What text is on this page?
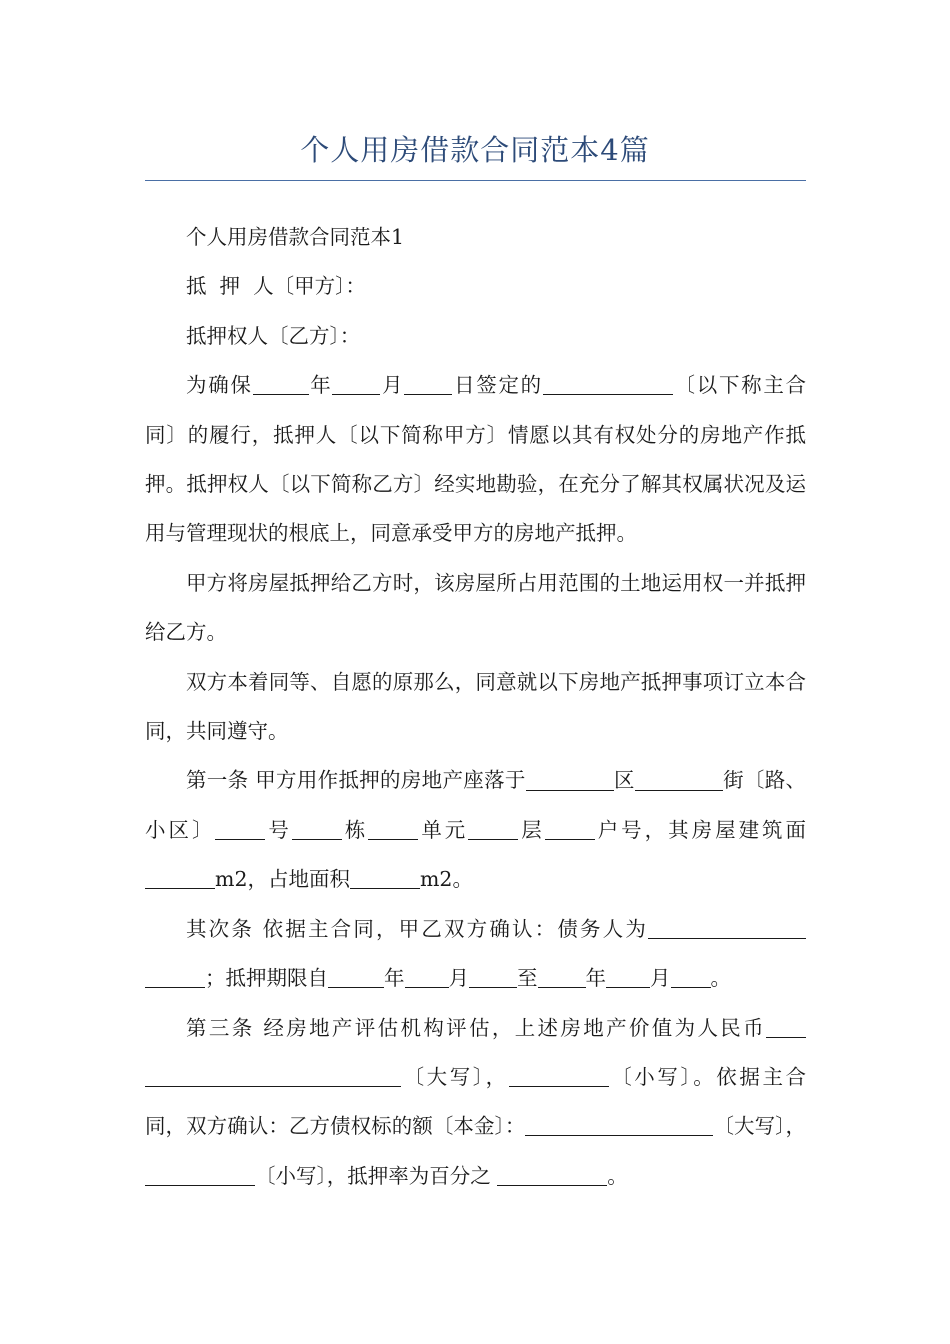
个人用房借款合同范本4篇

个人用房借款合同范本1

抵  押  人〔甲方〕：

抵押权人〔乙方〕：

为确保	年 月 日签定的	〔以下称主合同〕的履行，抵押人〔以下简称甲方〕情愿以其有权处分的房地产作抵押。抵押权人〔以下简称乙方〕经实地勘验，在充分了解其权属状况及运用与管理现状的根底上，同意承受甲方的房地产抵押。

甲方将房屋抵押给乙方时，该房屋所占用范围的土地运用权一并抵押给乙方。

双方本着同等、自愿的原那么，同意就以下房地产抵押事项订立本合同，共同遵守。

第一条 甲方用作抵押的房地产座落于	区	街〔路、小区〕 号 栋 单元 层 户号，其房屋建筑面m2，占地面积	m2。

其次条 依据主合同，甲乙双方确认：债务人为；抵押期限自	年 月 至 年 月 。

第三条 经房地产评估机构评估，上述房地产价值为人民币〔大写〕，	〔小写〕。依据主合同，双方确认：乙方债权标的额〔本金〕：	〔大写〕，〔小写〕，抵押率为百分之	。
